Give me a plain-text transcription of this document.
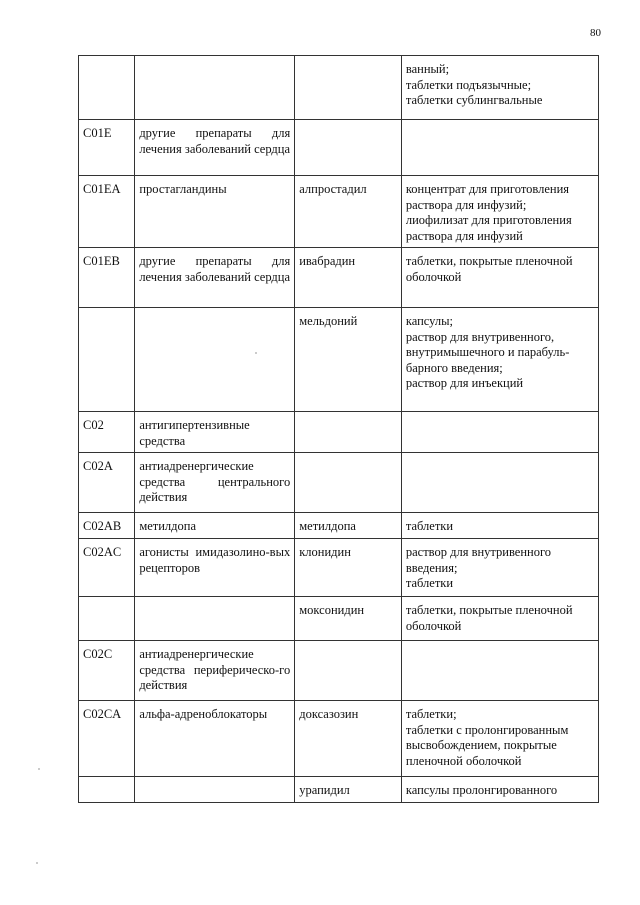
80

			ванный;
таблетки подъязычные;
таблетки сублингвальные

C01E	другие препараты для лечения заболеваний сердца		
C01EA	простагландины	алпростадил	концентрат для приготовления раствора для инфузий;
лиофилизат для приготовления раствора для инфузий

C01EB	другие препараты для лечения заболеваний сердца	ивабрадин	таблетки, покрытые пленочной оболочкой

		мельдоний	капсулы;
раствор для внутривенного, внутримышечного и парабуль-барного введения;
раствор для инъекций

C02	антигипертензивные средства		
C02A	антиадренергические средства центрального действия		
C02AB	метилдопа	метилдопа	таблетки

C02AC	агонисты имидазолино-вых рецепторов	клонидин	раствор для внутривенного введения;
таблетки

		моксонидин	таблетки, покрытые пленочной оболочкой

C02C	антиадренергические средства периферическо-го действия		
C02CA	альфа-адреноблокаторы	доксазозин	таблетки;
таблетки с пролонгированным высвобождением, покрытые пленочной оболочкой

		урапидил	капсулы пролонгированного
